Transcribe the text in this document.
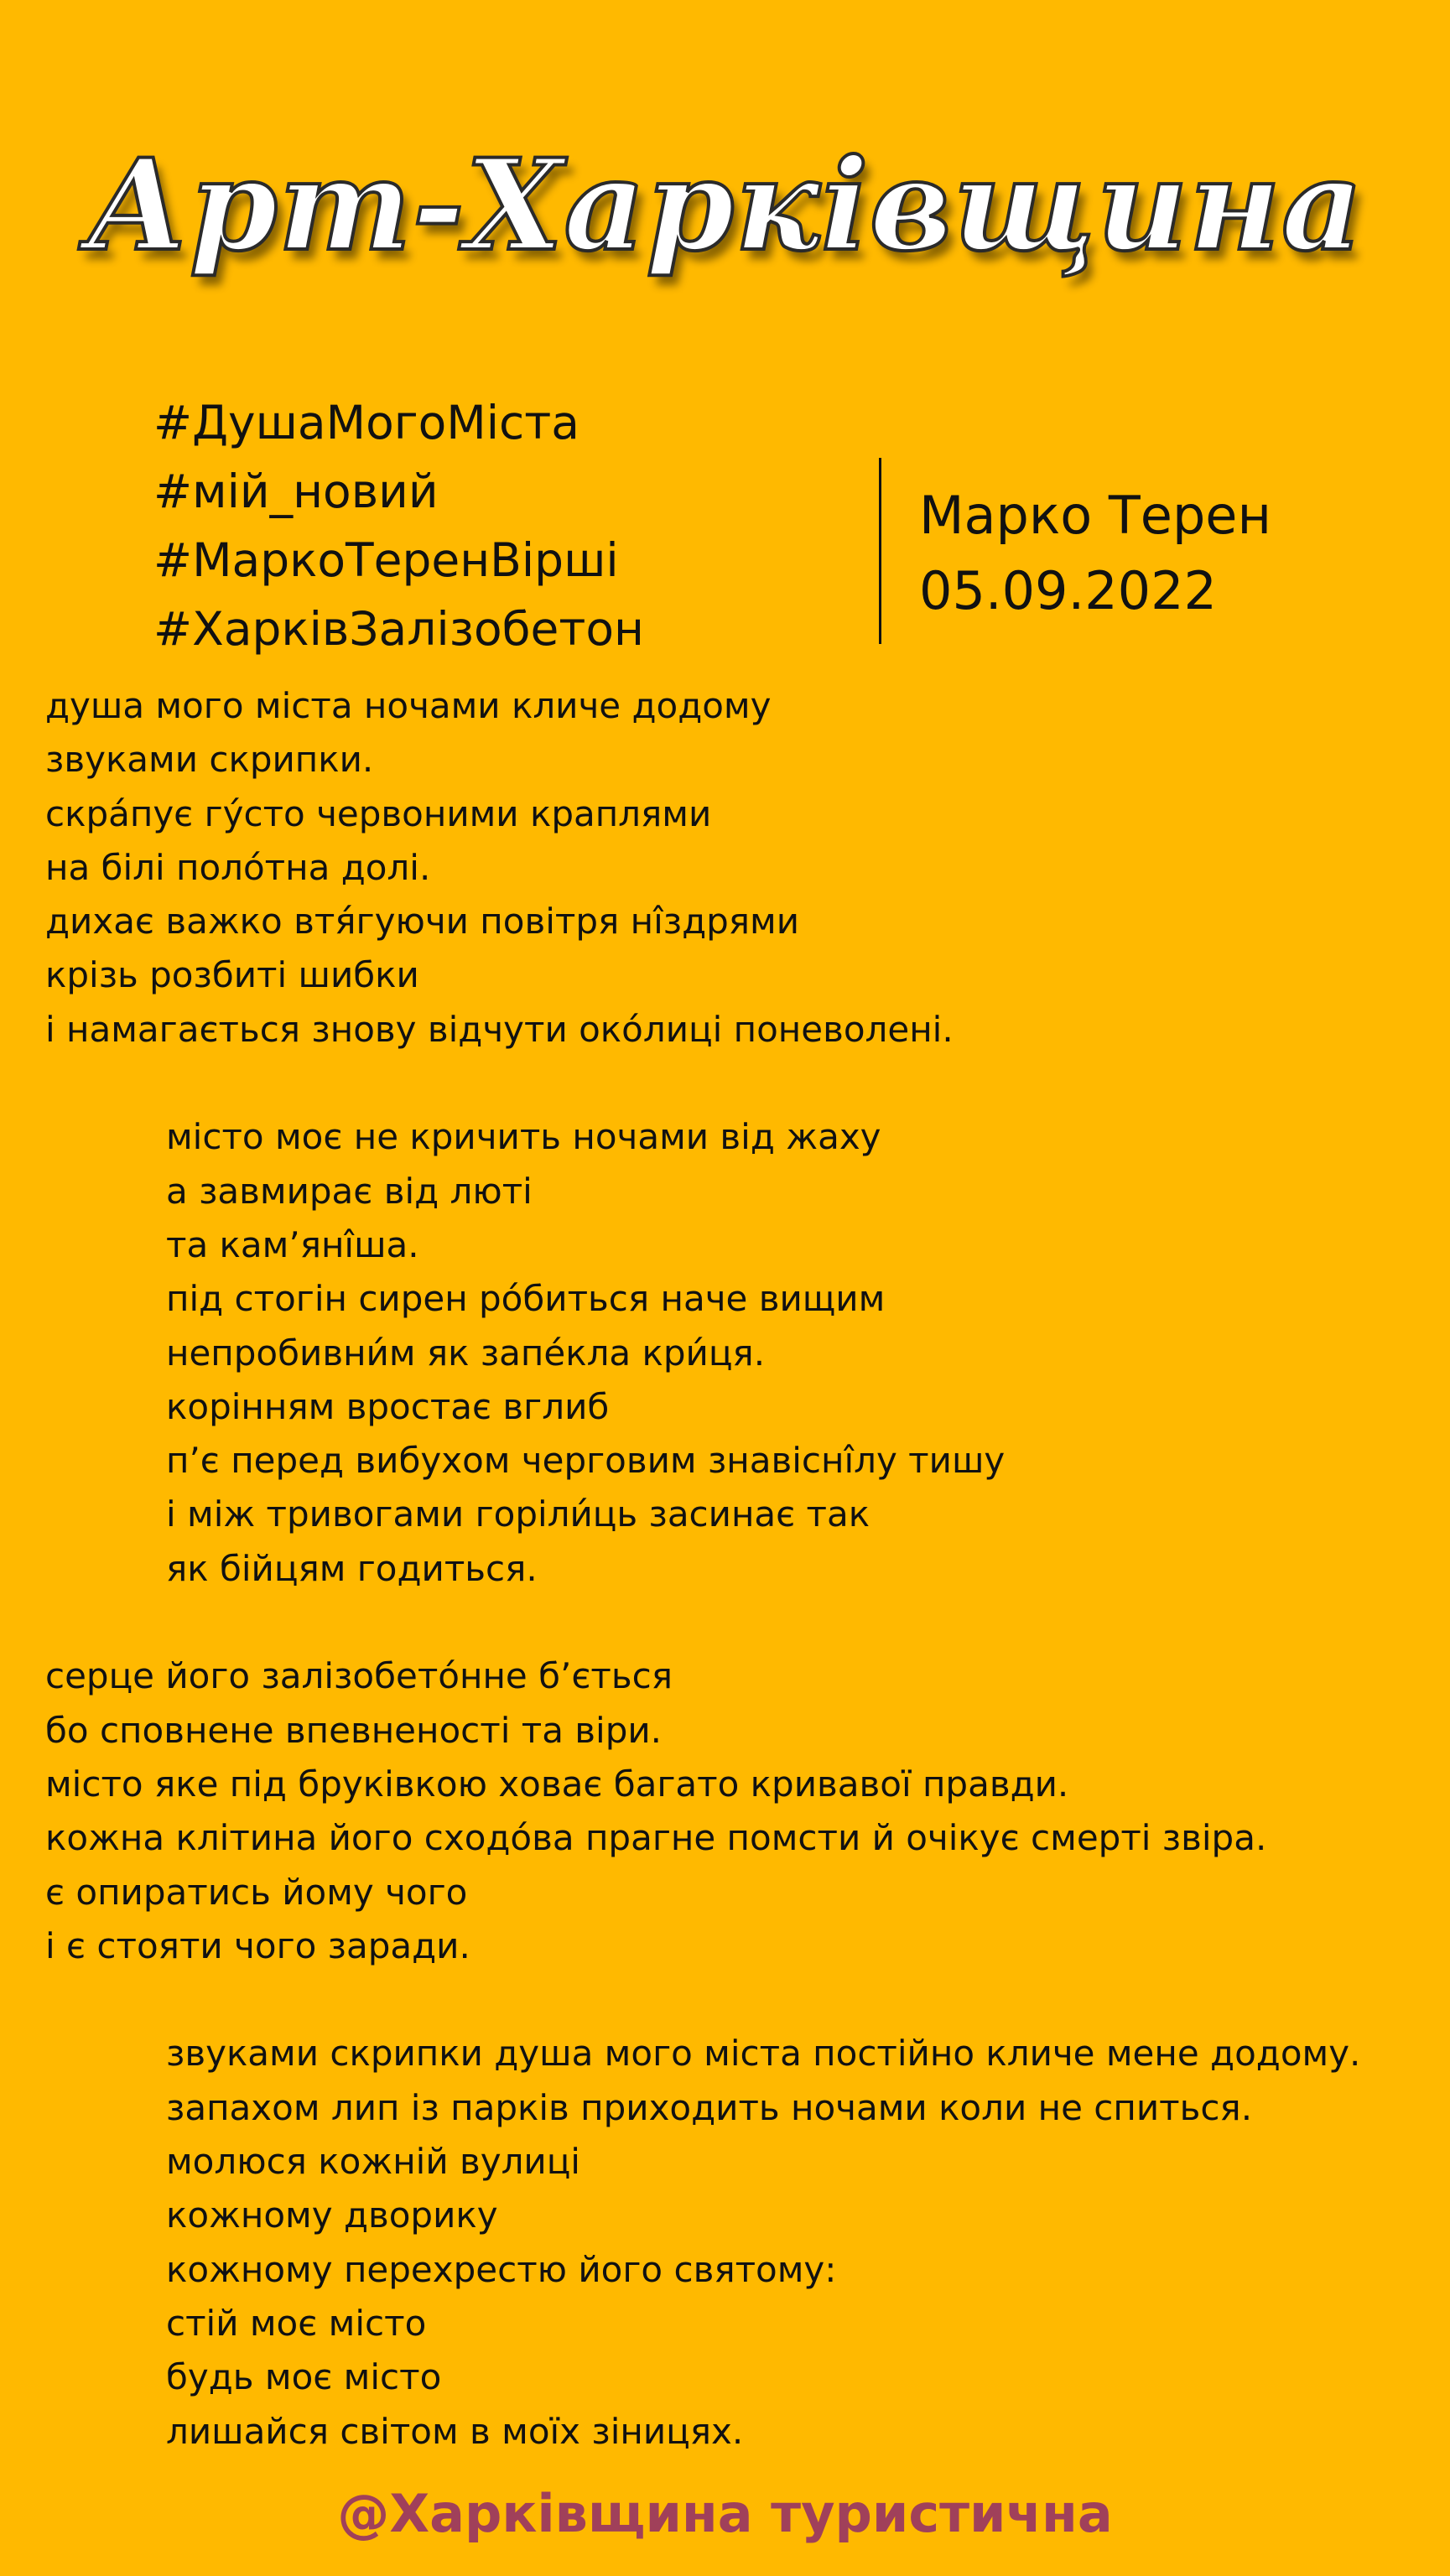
Арт-Харківщина
#ДушаМогоМіста
#мій_новий
#МаркоТеренВірші
#ХарківЗалізобетон
Марко Терен
05.09.2022
душа мого міста ночами кличе додому
звуками скрипки.
скрáпує гýсто червоними краплями
на білі полóтна долі.
дихає важко втя́гуючи повітря ні̂здрями
крізь розбиті шибки
і намагається знову відчути окóлиці поневолені.
місто моє не кричить ночами від жаху
а завмирає від люті
та кам’яні̂ша.
під стогін сирен рóбиться наче вищим
непробивни́м як запéкла кри́ця.
корінням вростає вглиб
п’є перед вибухом черговим знавісні̂лу тишу
і між тривогами горіли́ць засинає так
як бійцям годиться.
серце його залізобетóнне б’ється
бо сповнене впевненості та віри.
місто яке під бруківкою ховає багато кривавої правди.
кожна клітина його сходóва прагне помсти й очікує смерті звіра.
є опиратись йому чого
і є стояти чого заради.
звуками скрипки душа мого міста постійно кличе мене додому.
запахом лип із парків приходить ночами коли не спиться.
молюся кожній вулиці
кожному дворику
кожному перехрестю його святому:
стій моє місто
будь моє місто
лишайся світом в моїх зіницях.
@Харківщина туристична
